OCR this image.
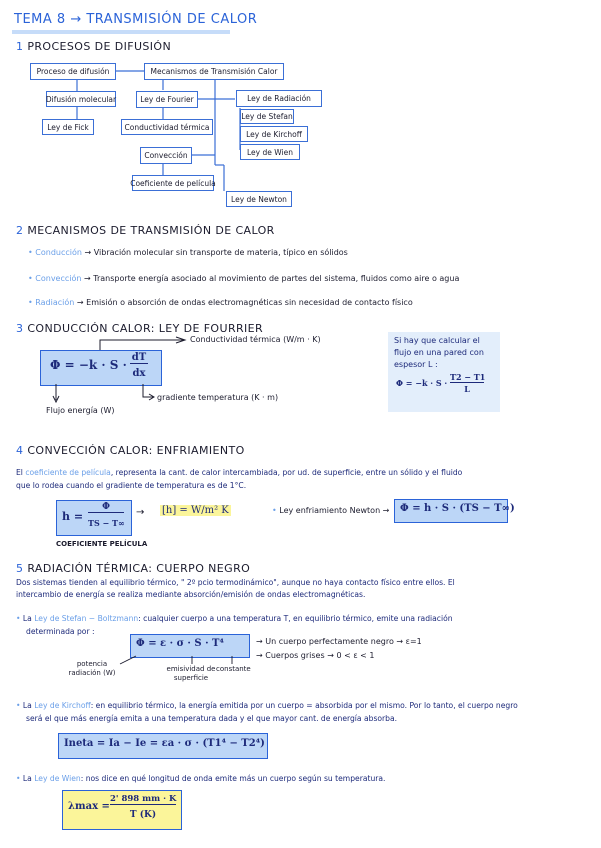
TEMA 8 → TRANSMISIÓN DE CALOR
1 PROCESOS DE DIFUSIÓN
Proceso de difusión	Mecanismos de Transmisión Calor
Difusión molecular
Ley de Fick
Ley de Fourier
Conductividad térmica
Convección
Coeficiente de película
Ley de Newton
Ley de Radiación
Ley de Stefan
Ley de Kirchoff
Ley de Wien
2 MECANISMOS DE TRANSMISIÓN DE CALOR
• Conducción → Vibración molecular sin transporte de materia, típico en sólidos
• Convección → Transporte energía asociado al movimiento de partes del sistema, fluidos como aire o agua
• Radiación → Emisión o absorción de ondas electromagnéticas sin necesidad de contacto físico
3 CONDUCCIÓN CALOR: LEY DE FOURRIER
Φ = −k · S ·
dT
dx
Conductividad térmica (W/m · K)
gradiente temperatura (K · m)
Flujo energía (W)
Si hay que calcular el
flujo en una pared con
espesor L :
Φ = −k · S ·
T2 − T1
L
4 CONVECCIÓN CALOR: ENFRIAMIENTO
El coeficiente de película, representa la cant. de calor intercambiada, por ud. de superficie, entre un sólido y el fluido
que lo rodea cuando el gradiente de temperatura es de 1°C.
h =
Φ
TS − T∞
→ [h] = W/m² K
COEFICIENTE PELÍCULA
• Ley enfriamiento Newton → Φ = h · S · (TS − T∞)
5 RADIACIÓN TÉRMICA: CUERPO NEGRO
Dos sistemas tienden al equilibrio térmico, " 2º pcio termodinámico", aunque no haya contacto físico entre ellos. El
intercambio de energía se realiza mediante absorción/emisión de ondas electromagnéticas.
• La Ley de Stefan − Boltzmann: cualquier cuerpo a una temperatura T, en equilibrio térmico, emite una radiación
determinada por :
Φ = ε · σ · S · T⁴	→ Un cuerpo perfectamente negro → ε=1
→ Cuerpos grises → 0 < ε < 1
potencia radiación (W)	emisividad de superficie
constante
• La Ley de Kirchoff: en equilibrio térmico, la energía emitida por un cuerpo = absorbida por el mismo. Por lo tanto, el cuerpo negro
será el que más energía emita a una temperatura dada y el que mayor cant. de energía absorba.
Ineta = Ia − Ie = εa · σ · (T1⁴ − T2⁴)
• La Ley de Wien: nos dice en qué longitud de onda emite más un cuerpo según su temperatura.
λmax =
2' 898 mm · K
T (K)
